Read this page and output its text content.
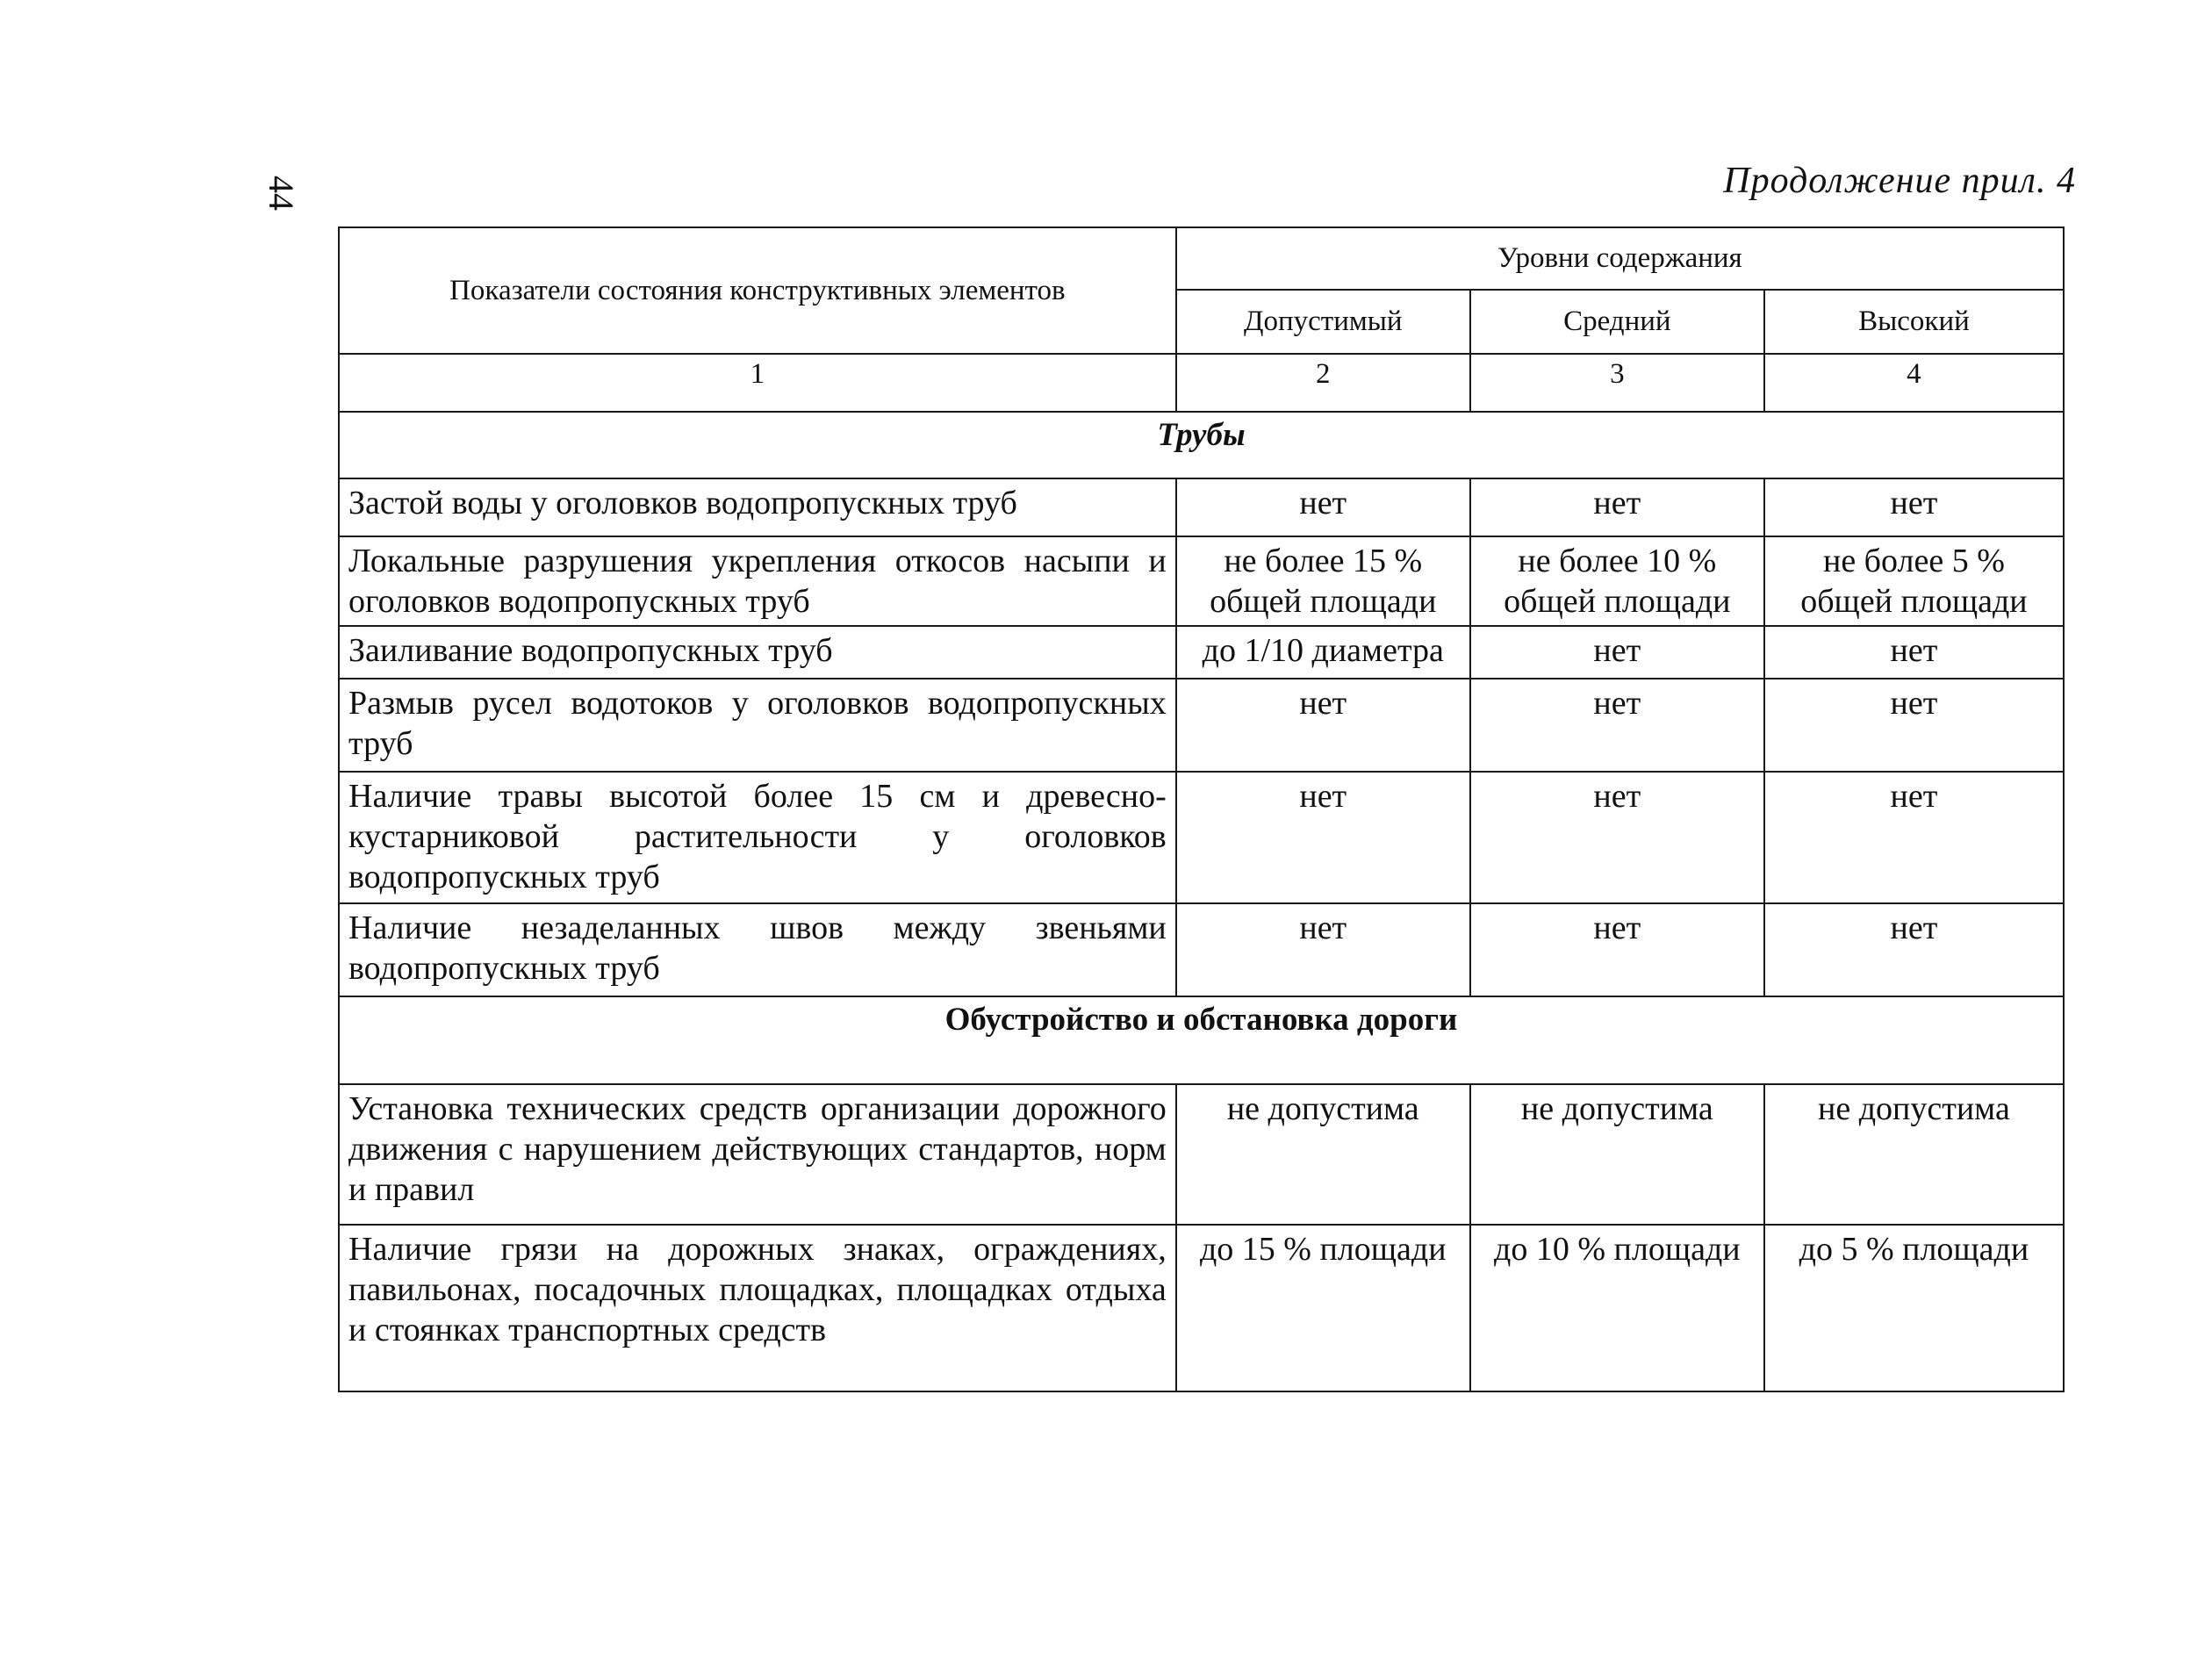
44	Продолжение прил. 4
Показатели состояния конструктивных элементов	Уровни содержания		
	Допустимый	Средний	Высокий
1	2	3	4
Трубы			
Застой воды у оголовков водопропускных труб	нет	нет	нет
Локальные разрушения укрепления откосов насыпи и оголовков водопропускных труб	не более 15 % общей площади	не более 10 % общей площади	не более 5 % общей площади
Заиливание водопропускных труб	до 1/10 диаметра	нет	нет
Размыв русел водотоков у оголовков водопропускных труб	нет	нет	нет
Наличие травы высотой более 15 см и древесно-кустарниковой растительности у оголовков водопропускных труб	нет	нет	нет
Наличие незаделанных швов между звеньями водопропускных труб	нет	нет	нет
Обустройство и обстановка дороги			
Установка технических средств организации дорожного движения с нарушением действующих стандартов, норм и правил	не допустима	не допустима	не допустима
Наличие грязи на дорожных знаках, ограждениях, павильонах, посадочных площадках, площадках отдыха и стоянках транспортных средств	до 15 % площади	до 10 % площади	до 5 % площади
